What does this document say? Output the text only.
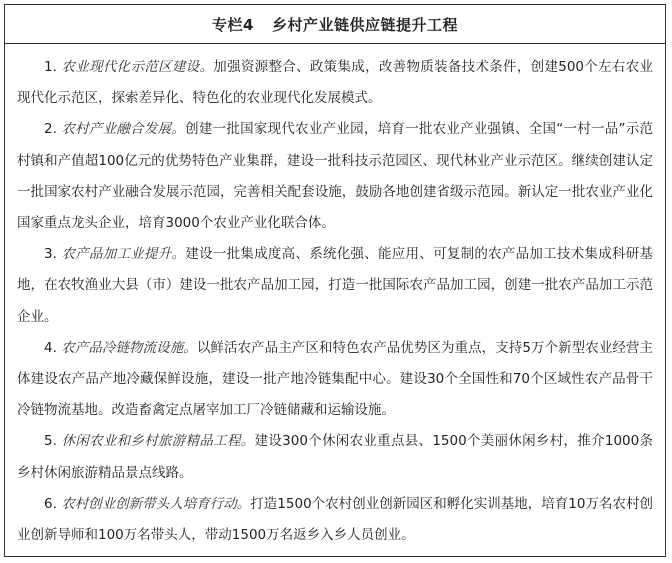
专栏4 乡村产业链供应链提升工程

1. 农业现代化示范区建设。加强资源整合、政策集成，改善物质装备技术条件，创建500个左右农业现代化示范区，探索差异化、特色化的农业现代化发展模式。

2. 农村产业融合发展。创建一批国家现代农业产业园，培育一批农业产业强镇、全国“一村一品”示范村镇和产值超100亿元的优势特色产业集群，建设一批科技示范园区、现代林业产业示范区。继续创建认定一批国家农村产业融合发展示范园，完善相关配套设施，鼓励各地创建省级示范园。新认定一批农业产业化国家重点龙头企业，培育3000个农业产业化联合体。

3. 农产品加工业提升。建设一批集成度高、系统化强、能应用、可复制的农产品加工技术集成科研基地，在农牧渔业大县（市）建设一批农产品加工园，打造一批国际农产品加工园，创建一批农产品加工示范企业。

4. 农产品冷链物流设施。以鲜活农产品主产区和特色农产品优势区为重点，支持5万个新型农业经营主体建设农产品产地冷藏保鲜设施，建设一批产地冷链集配中心。建设30个全国性和70个区域性农产品骨干冷链物流基地。改造畜禽定点屠宰加工厂冷链储藏和运输设施。

5. 休闲农业和乡村旅游精品工程。建设300个休闲农业重点县、1500个美丽休闲乡村，推介1000条乡村休闲旅游精品景点线路。

6. 农村创业创新带头人培育行动。打造1500个农村创业创新园区和孵化实训基地，培育10万名农村创业创新导师和100万名带头人，带动1500万名返乡入乡人员创业。
